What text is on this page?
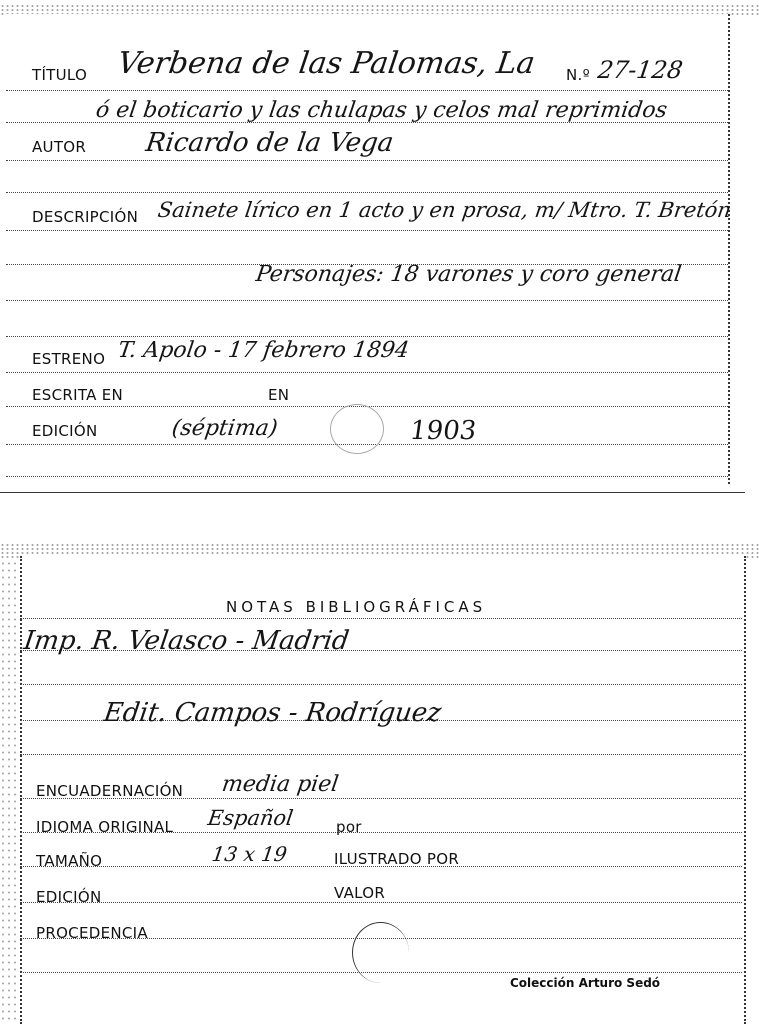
TÍTULO Verbena de las Palomas, La N.º 27-128
ó el boticario y las chulapas y celos mal reprimidos
AUTOR Ricardo de la Vega
DESCRIPCIÓN Sainete lírico en 1 acto y en prosa, m/ Mtro. T. Bretón
Personajes: 18 varones y coro general
ESTRENO T. Apolo - 17 febrero 1894
ESCRITA EN	EN
EDICIÓN	(séptima)	1903
NOTAS BIBLIOGRÁFICAS
Imp. R. Velasco - Madrid
Edit. Campos - Rodríguez
ENCUADERNACIÓN media piel
IDIOMA ORIGINAL Español	por
TAMAÑO	13 x 19	ILUSTRADO POR
EDICIÓN	VALOR
PROCEDENCIA
Colección Arturo Sedó
